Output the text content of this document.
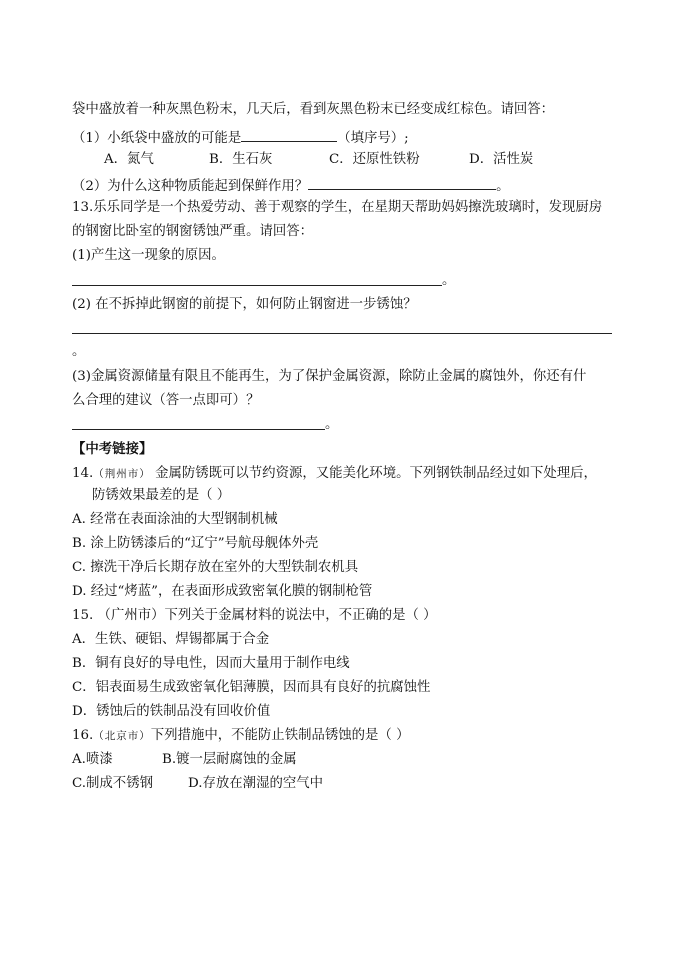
袋中盛放着一种灰黑色粉末，几天后，看到灰黑色粉末已经变成红棕色。请回答：
（1）小纸袋中盛放的可能是	（填序号）;
A．氮气	B．生石灰	C．还原性铁粉	D．活性炭
（2）为什么这种物质能起到保鲜作用？	。
13.乐乐同学是一个热爱劳动、善于观察的学生，在星期天帮助妈妈擦洗玻璃时，发现厨房
的钢窗比卧室的钢窗锈蚀严重。请回答：
(1)产生这一现象的原因。
。
(2) 在不拆掉此钢窗的前提下，如何防止钢窗进一步锈蚀？
。
(3)金属资源储量有限且不能再生，为了保护金属资源，除防止金属的腐蚀外，你还有什
么合理的建议（答一点即可）？
。
【中考链接】
14.（荆州市） 金属防锈既可以节约资源，又能美化环境。下列钢铁制品经过如下处理后，
防锈效果最差的是（ ）
A. 经常在表面涂油的大型钢制机械
B. 涂上防锈漆后的“辽宁”号航母舰体外壳
C. 擦洗干净后长期存放在室外的大型铁制农机具
D. 经过“烤蓝”，在表面形成致密氧化膜的钢制枪管
15. （广州市）下列关于金属材料的说法中，不正确的是（ ）
A．生铁、硬铝、焊锡都属于合金
B．铜有良好的导电性，因而大量用于制作电线
C．铝表面易生成致密氧化铝薄膜，因而具有良好的抗腐蚀性
D．锈蚀后的铁制品没有回收价值
16.（北京市）下列措施中，不能防止铁制品锈蚀的是（ ）
A.喷漆	B.镀一层耐腐蚀的金属
C.制成不锈钢	D.存放在潮湿的空气中
